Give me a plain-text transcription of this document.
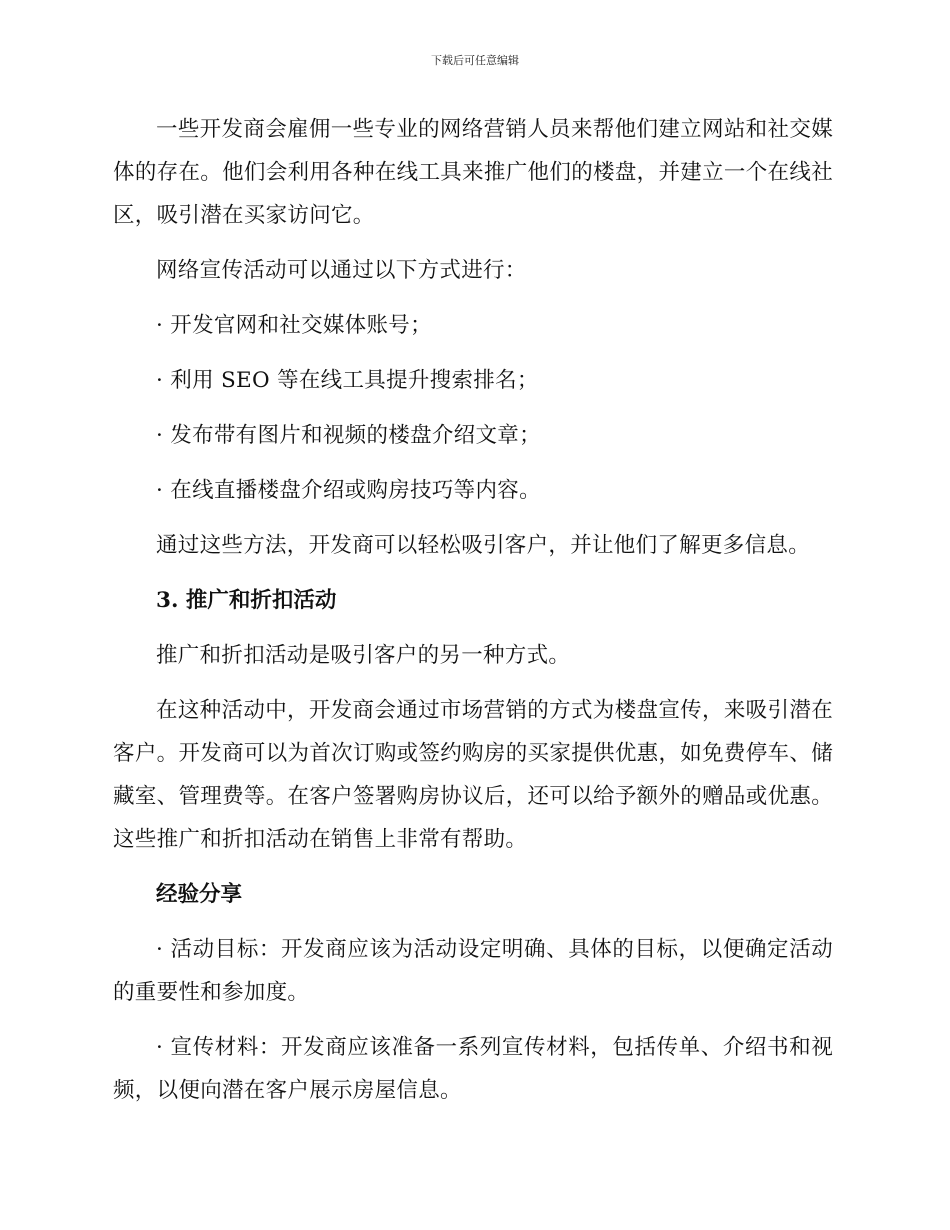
下载后可任意编辑

一些开发商会雇佣一些专业的网络营销人员来帮他们建立网站和社交媒体的存在。他们会利用各种在线工具来推广他们的楼盘，并建立一个在线社区，吸引潜在买家访问它。

网络宣传活动可以通过以下方式进行：

· 开发官网和社交媒体账号；

· 利用 SEO 等在线工具提升搜索排名；

· 发布带有图片和视频的楼盘介绍文章；

· 在线直播楼盘介绍或购房技巧等内容。

通过这些方法，开发商可以轻松吸引客户，并让他们了解更多信息。

3. 推广和折扣活动

推广和折扣活动是吸引客户的另一种方式。

在这种活动中，开发商会通过市场营销的方式为楼盘宣传，来吸引潜在客户。开发商可以为首次订购或签约购房的买家提供优惠，如免费停车、储藏室、管理费等。在客户签署购房协议后，还可以给予额外的赠品或优惠。这些推广和折扣活动在销售上非常有帮助。

经验分享

· 活动目标：开发商应该为活动设定明确、具体的目标，以便确定活动的重要性和参加度。

· 宣传材料：开发商应该准备一系列宣传材料，包括传单、介绍书和视频，以便向潜在客户展示房屋信息。
